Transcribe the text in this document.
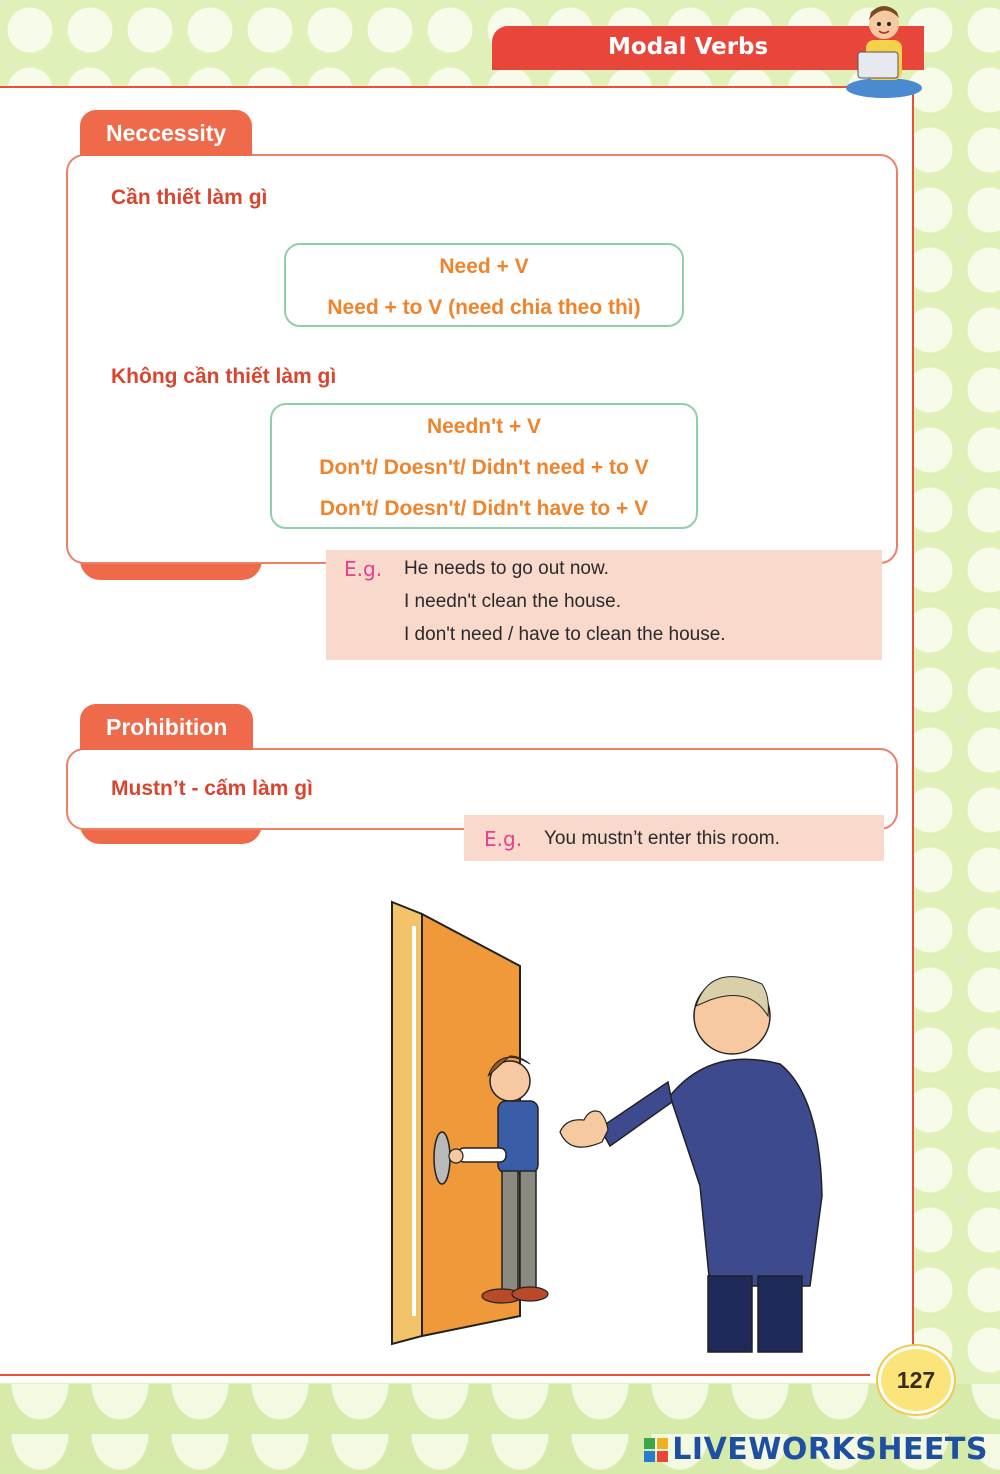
Modal Verbs
Neccessity
Cần thiết làm gì
Need + V
Need + to V (need chia theo thì)
Không cần thiết làm gì
Needn't + V
Don't/ Doesn't/ Didn't need + to V
Don't/ Doesn't/ Didn't have to + V
E.g. He needs to go out now.
I needn't clean the house.
I don't need / have to clean the house.
Prohibition
Mustn’t - cấm làm gì
E.g. You mustn’t enter this room.
127
LIVEWORKSHEETS
